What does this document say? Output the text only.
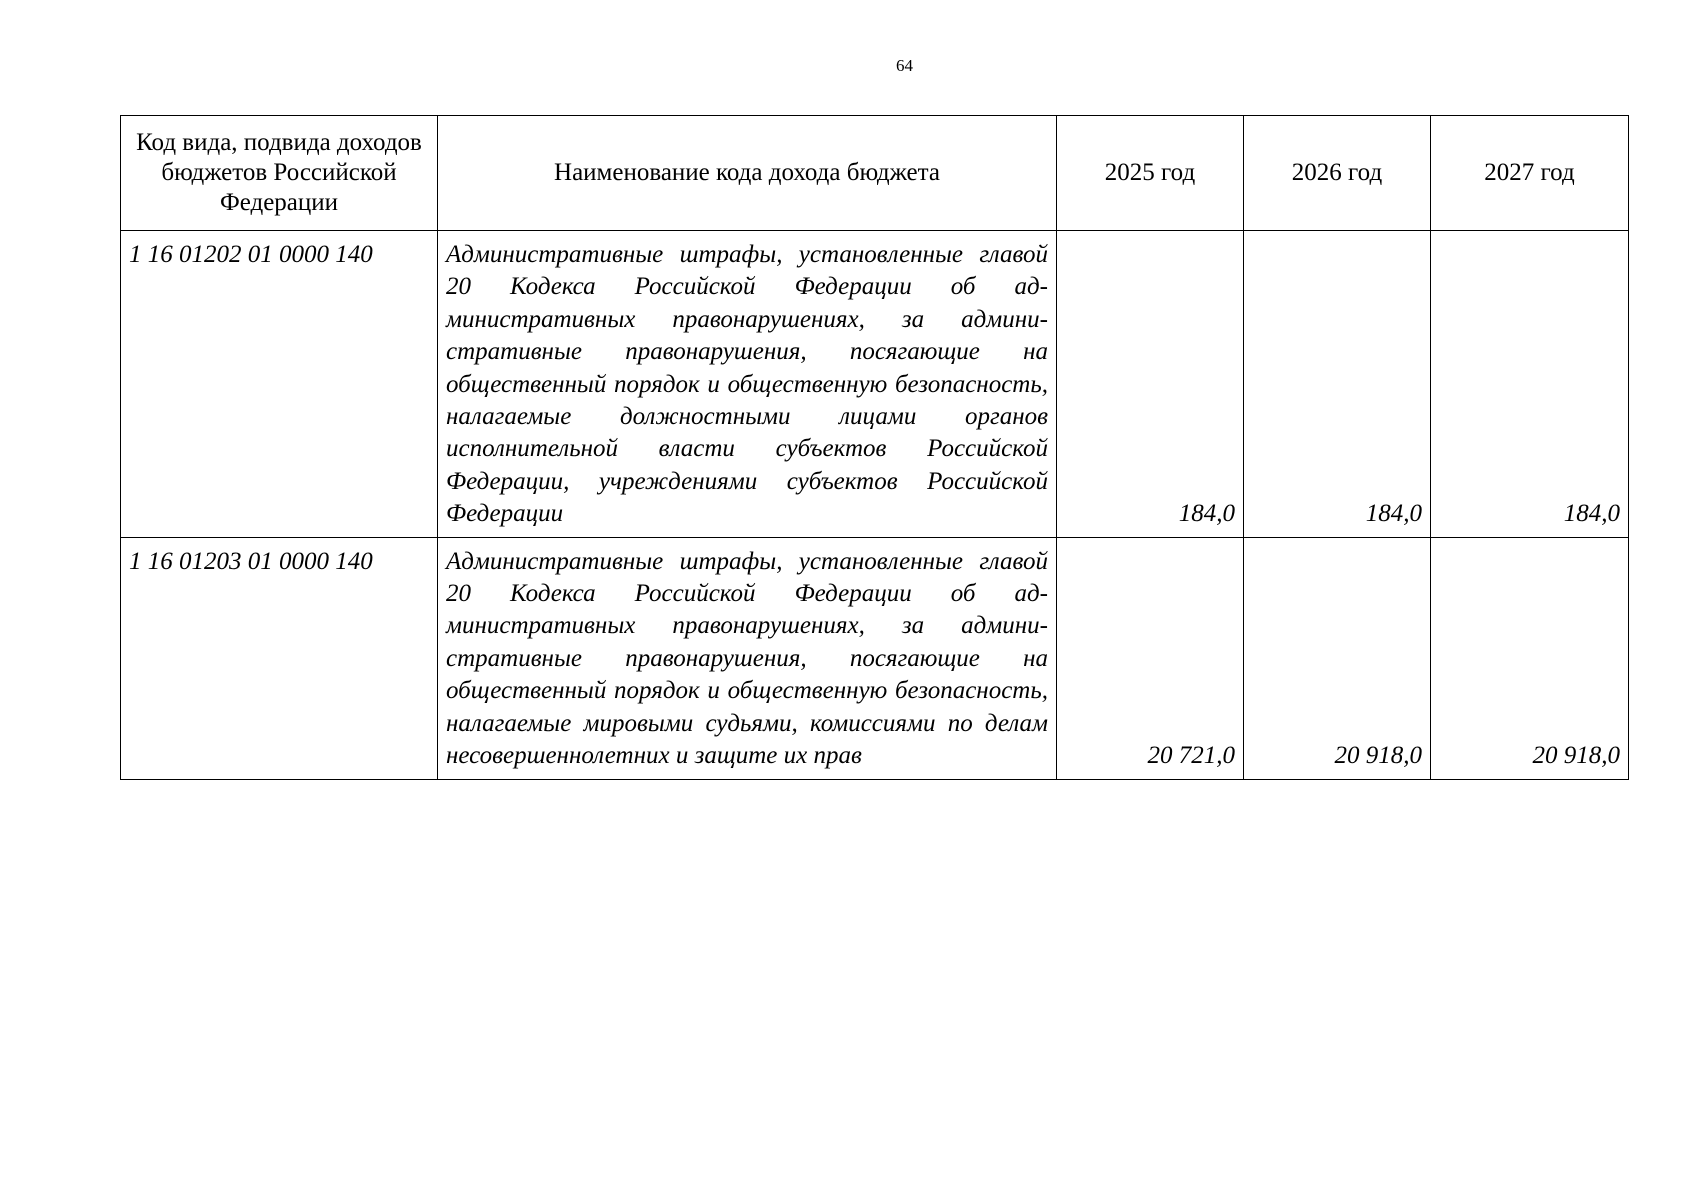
64
Код вида, подвида доходов бюджетов Российской Федерации	Наименование кода дохода бюджета	2025 год	2026 год	2027 год
1 16 01202 01 0000 140	Административные штрафы, установленные главой 20 Кодекса Российской Федерации об административных правонарушениях, за административные правонарушения, посягающие на общественный порядок и общественную безопасность, налагаемые должностными лицами органов исполнительной власти субъектов Российской Федерации, учреждениями субъектов Российской Федерации	184,0	184,0	184,0
1 16 01203 01 0000 140	Административные штрафы, установленные главой 20 Кодекса Российской Федерации об административных правонарушениях, за административные правонарушения, посягающие на общественный порядок и общественную безопасность, налагаемые мировыми судьями, комиссиями по делам несовершеннолетних и защите их прав	20 721,0	20 918,0	20 918,0
